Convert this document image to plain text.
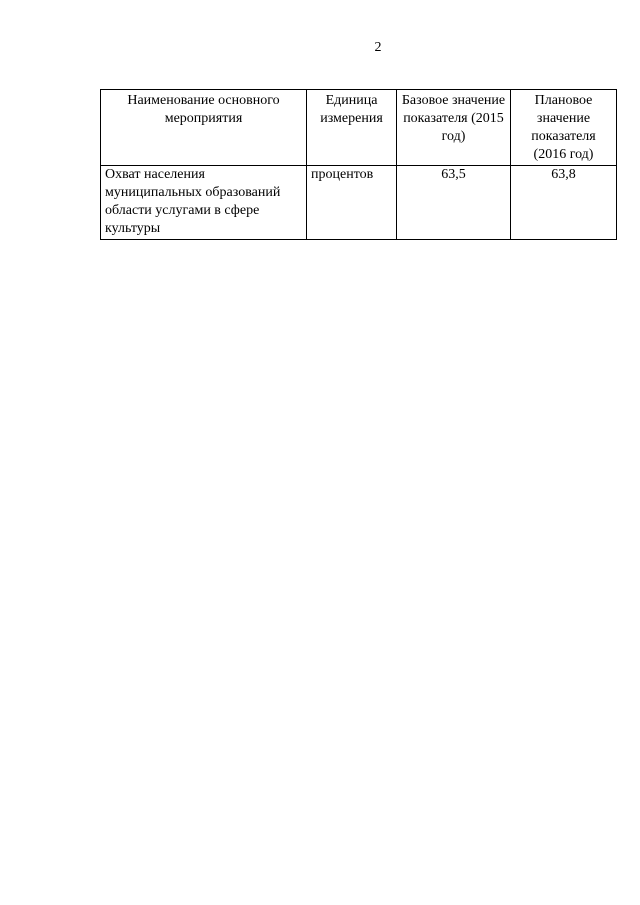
2
Наименование основного мероприятия	Единица измерения	Базовое значение показателя (2015 год)	Плановое значение показателя (2016 год)
Охват населения муниципальных образований области услугами в сфере культуры	процентов	63,5	63,8
